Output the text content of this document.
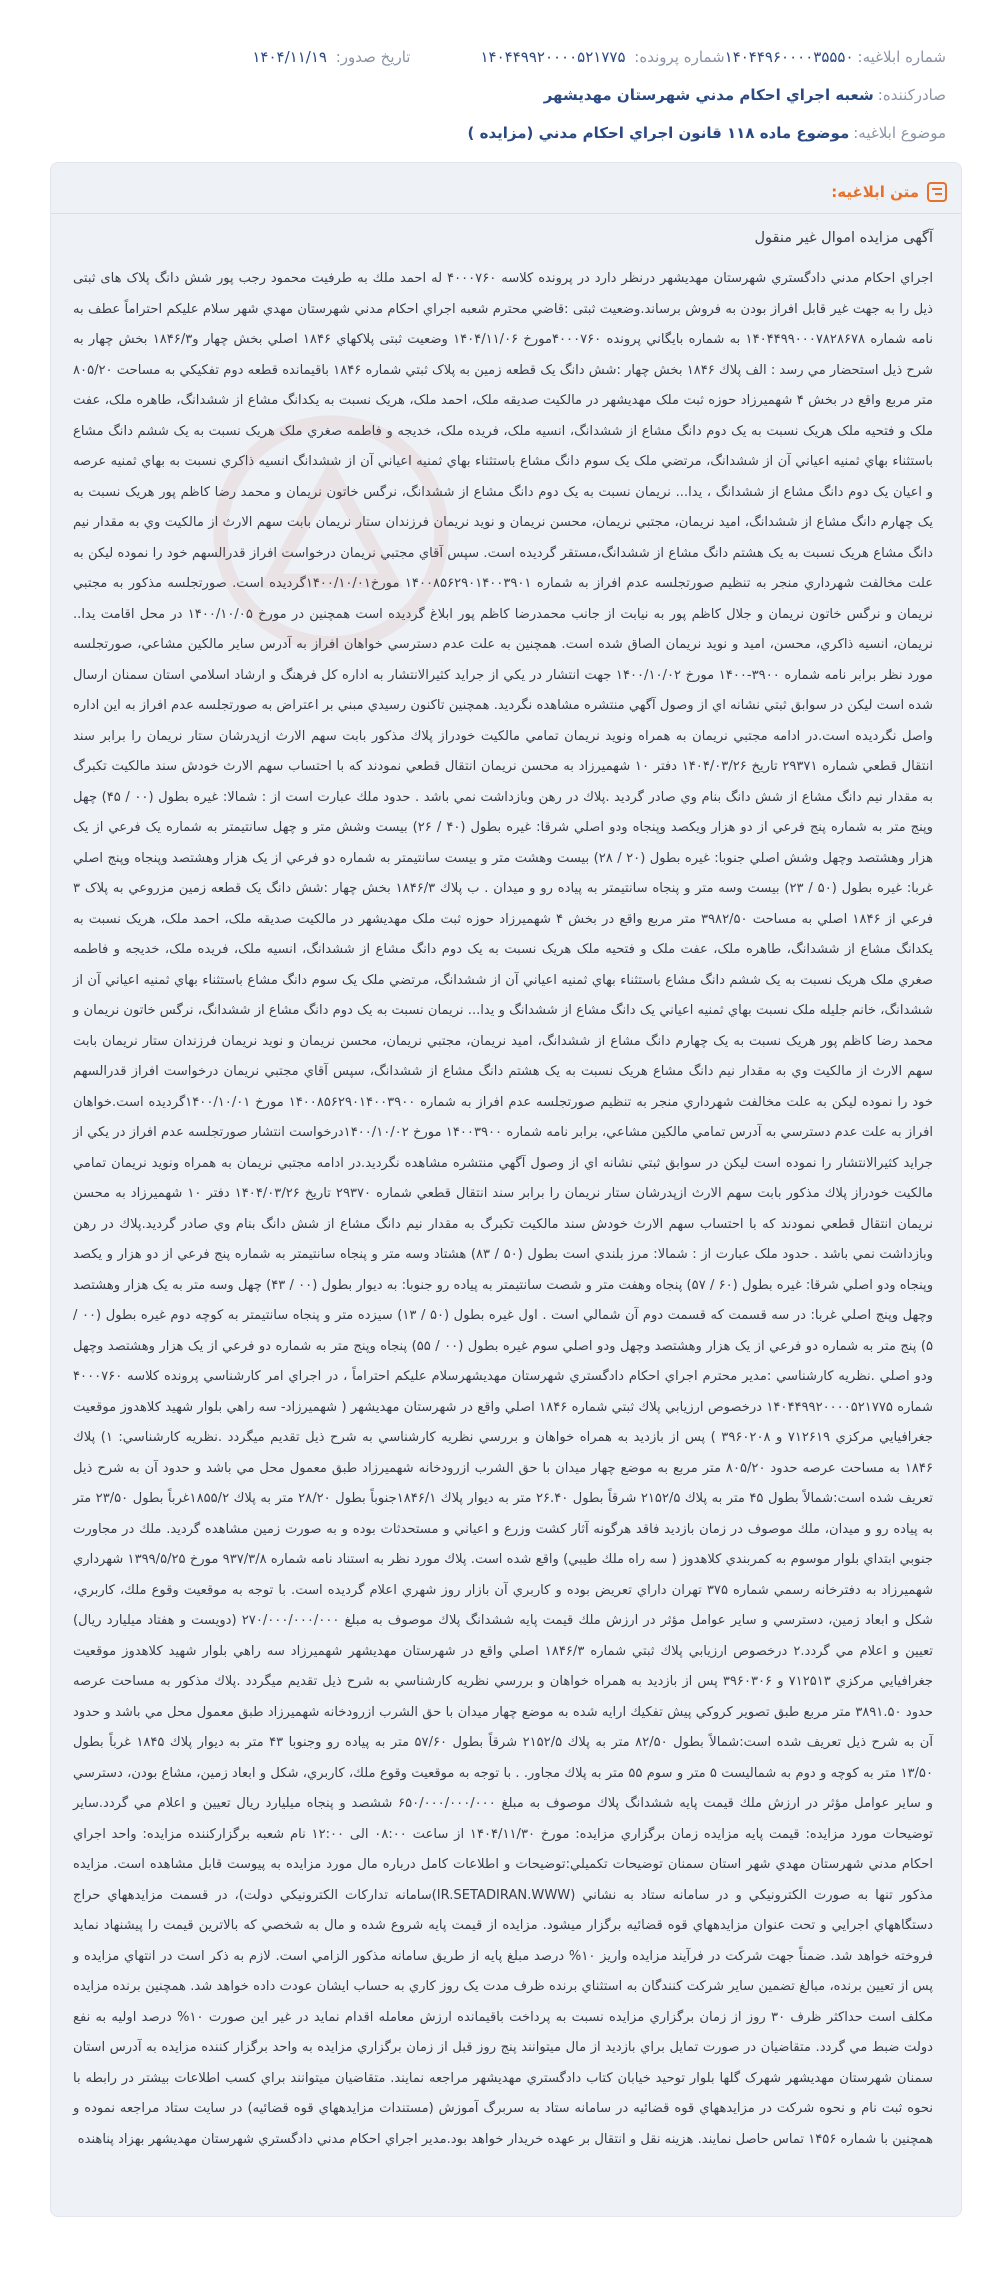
شماره ابلاغیه:
۱۴۰۴۴۹۶۰۰۰۰۳۵۵۵۰
شماره پرونده: ۱۴۰۴۴۹۹۲۰۰۰۰۵۲۱۷۷۵
تاریخ صدور: ۱۴۰۴/۱۱/۱۹
صادرکننده:
شعبه اجراي احكام مدني شهرستان مهديشهر
موضوع ابلاغیه:
موضوع ماده ۱۱۸ قانون اجراي احكام مدني (مزايده )
متن ابلاغیه :

آگهی مزایده اموال غیر منقول

اجراي احكام مدني دادگستري شهرستان مهديشهر درنظر دارد در پرونده كلاسه ۴۰۰۰۷۶۰ له احمد ملك به طرفيت محمود رجب پور شش دانگ پلاک های ثبتی ذیل را به جهت غیر قابل افراز بودن به فروش برساند.وضعیت ثبتی :قاضي محترم شعبه اجراي احكام مدني شهرستان مهدي شهر سلام عليكم احتراماً عطف به نامه شماره ۱۴۰۴۴۹۹۰۰۰۷۸۲۸۶۷۸ به شماره بايگاني پرونده ۴۰۰۰۷۶۰مورخ ۱۴۰۴/۱۱/۰۶ وضعیت ثبتی پلاكهاي ۱۸۴۶ اصلي بخش چهار و۱۸۴۶/۳ بخش چهار به شرح ذيل استحضار مي رسد : الف پلاك ۱۸۴۶ بخش چهار :شش دانگ يک قطعه زمين به پلاک ثبتي شماره ۱۸۴۶ باقيمانده قطعه دوم تفکيکي به مساحت ۸۰۵/۲۰ متر مربع واقع در بخش ۴ شهميرزاد حوزه ثبت ملک مهديشهر در مالکيت صديقه ملک، احمد ملک، هريک نسبت به يکدانگ مشاع از ششدانگ، طاهره ملک، عفت ملک و فتحيه ملک هريک نسبت به يک دوم دانگ مشاع از ششدانگ، انسيه ملک، فريده ملک، خديجه و فاطمه صغري ملک هريک نسبت به يک ششم دانگ مشاع باستثناء بهاي ثمنيه اعياني آن از ششدانگ، مرتضي ملک يک سوم دانگ مشاع باستثناء بهاي ثمنيه اعياني آن از ششدانگ انسيه ذاکري نسبت به بهاي ثمنيه عرصه و اعيان يک دوم دانگ مشاع از ششدانگ ، يدا... نريمان نسبت به يک دوم دانگ مشاع از ششدانگ، نرگس خاتون نريمان و محمد رضا کاظم پور هريک نسبت به يک چهارم دانگ مشاع از ششدانگ، اميد نريمان، مجتبي نريمان، محسن نريمان و نويد نريمان فرزندان ستار نريمان بابت سهم الارث از مالكيت وي به مقدار نيم دانگ مشاع هريک نسبت به يک هشتم دانگ مشاع از ششدانگ،مستقر گرديده است. سپس آقاي مجتبي نريمان درخواست افراز قدرالسهم خود را نموده ليكن به علت مخالفت شهرداري منجر به تنظيم صورتجلسه عدم افراز به شماره ۱۴۰۰۸۵۶۲۹۰۱۴۰۰۳۹۰۱ مورخ۱۴۰۰/۱۰/۰۱گرديده است. صورتجلسه مذكور به مجتبي نريمان و نرگس خاتون نريمان و جلال كاظم پور به نيابت از جانب محمدرضا كاظم پور ابلاغ گرديده است همچنين در مورخ ۱۴۰۰/۱۰/۰۵ در محل اقامت يدا.. نريمان، انسيه ذاكري، محسن، اميد و نويد نريمان الصاق شده است. همچنين به علت عدم دسترسي خواهان افراز به آدرس ساير مالكين مشاعي، صورتجلسه مورد نظر برابر نامه شماره ۳۹۰۰-۱۴۰۰ مورخ ۱۴۰۰/۱۰/۰۲ جهت انتشار در يكي از جرايد كثيرالانتشار به اداره كل فرهنگ و ارشاد اسلامي استان سمنان ارسال شده است ليكن در سوابق ثبتي نشانه اي از وصول آگهي منتشره مشاهده نگرديد. همچنين تاكنون رسيدي مبني بر اعتراض به صورتجلسه عدم افراز به اين اداره واصل نگرديده است.در ادامه مجتبي نريمان به همراه ونويد نريمان تمامي مالكيت خودراز پلاك مذكور بابت سهم الارث ازپدرشان ستار نريمان را برابر سند انتقال قطعي شماره ۲۹۳۷۱ تاريخ ۱۴۰۴/۰۳/۲۶ دفتر ۱۰ شهميرزاد به محسن نريمان انتقال قطعي نمودند كه با احتساب سهم الارث خودش سند مالكيت تكبرگ به مقدار نيم دانگ مشاع از شش دانگ بنام وي صادر گرديد .پلاك در رهن وبازداشت نمي باشد . حدود ملك عبارت است از : شمالا: غيره بطول (۰۰ / ۴۵) چهل وپنج متر به شماره پنج فرعي از دو هزار ويكصد وپنجاه ودو اصلي شرقا: غيره بطول (۴۰ / ۲۶) بيست وشش متر و چهل سانتيمتر به شماره يک فرعي از يک هزار وهشتصد وچهل وشش اصلي جنوبا: غيره بطول (۲۰ / ۲۸) بيست وهشت متر و بيست سانتيمتر به شماره دو فرعي از يک هزار وهشتصد وپنجاه وپنج اصلي غربا: غيره بطول (۵۰ / ۲۳) بيست وسه متر و پنجاه سانتيمتر به پياده رو و ميدان . ب پلاك ۱۸۴۶/۳ بخش چهار :شش دانگ يک قطعه زمين مزروعي به پلاک ۳ فرعي از ۱۸۴۶ اصلي به مساحت ۳۹۸۲/۵۰ متر مربع واقع در بخش ۴ شهميرزاد حوزه ثبت ملک مهديشهر در مالکيت صديقه ملک، احمد ملک، هريک نسبت به يکدانگ مشاع از ششدانگ، طاهره ملک، عفت ملک و فتحيه ملک هريک نسبت به يک دوم دانگ مشاع از ششدانگ، انسيه ملک، فريده ملک، خديجه و فاطمه صغري ملک هريک نسبت به يک ششم دانگ مشاع باستثناء بهاي ثمنيه اعياني آن از ششدانگ، مرتضي ملک يک سوم دانگ مشاع باستثناء بهاي ثمنيه اعياني آن از ششدانگ، خانم جليله ملک نسبت بهاي ثمنيه اعياني يک دانگ مشاع از ششدانگ و يدا... نريمان نسبت به يک دوم دانگ مشاع از ششدانگ، نرگس خاتون نريمان و محمد رضا کاظم پور هريک نسبت به يک چهارم دانگ مشاع از ششدانگ، اميد نريمان، مجتبي نريمان، محسن نريمان و نويد نريمان فرزندان ستار نريمان بابت سهم الارث از مالكيت وي به مقدار نيم دانگ مشاع هريک نسبت به يک هشتم دانگ مشاع از ششدانگ، سپس آقاي مجتبي نريمان درخواست افراز قدرالسهم خود را نموده ليكن به علت مخالفت شهرداري منجر به تنظيم صورتجلسه عدم افراز به شماره ۱۴۰۰۸۵۶۲۹۰۱۴۰۰۳۹۰۰ مورخ ۱۴۰۰/۱۰/۰۱گرديده است.خواهان افراز به علت عدم دسترسي به آدرس تمامي مالكين مشاعي، برابر نامه شماره ۱۴۰۰۳۹۰۰ مورخ ۱۴۰۰/۱۰/۰۲درخواست انتشار صورتجلسه عدم افراز در يكي از جرايد كثيرالانتشار را نموده است ليكن در سوابق ثبتي نشانه اي از وصول آگهي منتشره مشاهده نگرديد.در ادامه مجتبي نريمان به همراه ونويد نريمان تمامي مالكيت خودراز پلاك مذكور بابت سهم الارث ازپدرشان ستار نريمان را برابر سند انتقال قطعي شماره ۲۹۳۷۰ تاريخ ۱۴۰۴/۰۳/۲۶ دفتر ۱۰ شهميرزاد به محسن نريمان انتقال قطعي نمودند كه با احتساب سهم الارث خودش سند مالكيت تكبرگ به مقدار نيم دانگ مشاع از شش دانگ بنام وي صادر گرديد.پلاك در رهن وبازداشت نمي باشد . حدود ملک عبارت از : شمالا: مرز بلندي است بطول (۵۰ / ۸۳) هشتاد وسه متر و پنجاه سانتيمتر به شماره پنج فرعي از دو هزار و يكصد وپنجاه ودو اصلي شرقا: غيره بطول (۶۰ / ۵۷) پنجاه وهفت متر و شصت سانتيمتر به پياده رو جنوبا: به ديوار بطول (۰۰ / ۴۳) چهل وسه متر به يک هزار وهشتصد وچهل وپنج اصلي غربا: در سه قسمت كه قسمت دوم آن شمالي است . اول غيره بطول (۵۰ / ۱۳) سيزده متر و پنجاه سانتيمتر به كوچه دوم غيره بطول (۰۰ / ۵) پنج متر به شماره دو فرعي از يک هزار وهشتصد وچهل ودو اصلي سوم غيره بطول (۰۰ / ۵۵) پنجاه وپنج متر به شماره دو فرعي از يک هزار وهشتصد وچهل ودو اصلي .نظريه كارشناسي :مدير محترم اجراي احكام دادگستري شهرستان مهديشهرسلام عليكم احتراماً ، در اجراي امر كارشناسي پرونده كلاسه ۴۰۰۰۷۶۰ شماره ۱۴۰۴۴۹۹۲۰۰۰۰۵۲۱۷۷۵ درخصوص ارزيابي پلاك ثبتي شماره ۱۸۴۶ اصلي واقع در شهرستان مهديشهر ( شهميرزاد- سه راهي بلوار شهيد كلاهدوز موقعيت جغرافيايي مركزي ۷۱۲۶۱۹ و ۳۹۶۰۲۰۸ ) پس از بازديد به همراه خواهان و بررسي نظريه كارشناسي به شرح ذيل تقديم ميگردد .نظريه كارشناسي: ۱) پلاك ۱۸۴۶ به مساحت عرصه حدود ۸۰۵/۲۰ متر مربع به موضع چهار ميدان با حق الشرب ازرودخانه شهميرزاد طبق معمول محل مي باشد و حدود آن به شرح ذيل تعريف شده است:شمالاً بطول ۴۵ متر به پلاك ۲۱۵۲/۵ شرقاً بطول ۲۶.۴۰ متر به ديوار پلاك ۱۸۴۶/۱جنوباً بطول ۲۸/۲۰ متر به پلاك ۱۸۵۵/۲غرباً بطول ۲۳/۵۰ متر به پياده رو و ميدان، ملك موصوف در زمان بازديد فاقد هرگونه آثار كشت وزرع و اعياني و مستحدثات بوده و به صورت زمين مشاهده گرديد. ملك در مجاورت جنوبي ابتداي بلوار موسوم به كمربندي كلاهدوز ( سه راه ملك طيبي) واقع شده است. پلاك مورد نظر به استناد نامه شماره ۹۳۷/۳/۸ مورخ ۱۳۹۹/۵/۲۵ شهرداري شهميرزاد به دفترخانه رسمي شماره ۳۷۵ تهران داراي تعريض بوده و كاربري آن بازار روز شهري اعلام گرديده است. با توجه به موقعيت وقوع ملك، كاربري، شكل و ابعاد زمين، دسترسي و ساير عوامل مؤثر در ارزش ملك قيمت پايه ششدانگ پلاك موصوف به مبلغ ۲۷۰/۰۰۰/۰۰۰/۰۰۰ (دويست و هفتاد ميليارد ريال) تعيين و اعلام مي گردد.۲ درخصوص ارزيابي پلاك ثبتي شماره ۱۸۴۶/۳ اصلي واقع در شهرستان مهديشهر شهميرزاد سه راهي بلوار شهيد كلاهدوز موقعيت جغرافيايي مركزي ۷۱۲۵۱۳ و ۳۹۶۰۳۰۶ پس از بازديد به همراه خواهان و بررسي نظريه كارشناسي به شرح ذيل تقديم ميگردد .پلاك مذكور به مساحت عرصه حدود ۳۸۹۱.۵۰ متر مربع طبق تصوير كروكي پيش تفكيك ارايه شده به موضع چهار ميدان با حق الشرب ازرودخانه شهميرزاد طبق معمول محل مي باشد و حدود آن به شرح ذيل تعريف شده است:شمالاً بطول ۸۲/۵۰ متر به پلاك ۲۱۵۲/۵ شرقاً بطول ۵۷/۶۰ متر به پياده رو وجنوبا ۴۳ متر به ديوار پلاك ۱۸۴۵ غرباً بطول ۱۳/۵۰ متر به كوچه و دوم به شماليست ۵ متر و سوم ۵۵ متر به پلاك مجاور. . با توجه به موقعيت وقوع ملك، كاربري، شكل و ابعاد زمين، مشاع بودن، دسترسي و ساير عوامل مؤثر در ارزش ملك قيمت پايه ششدانگ پلاك موصوف به مبلغ ۶۵۰/۰۰۰/۰۰۰/۰۰۰ ششصد و پنجاه ميليارد ريال تعيين و اعلام مي گردد.ساير توضيحات مورد مزايده: قيمت پايه مزايده زمان برگزاري مزايده: مورخ ۱۴۰۴/۱۱/۳۰ از ساعت ۰۸:۰۰ الی ۱۲:۰۰ نام شعبه برگزاركننده مزايده: واحد اجراي احكام مدني شهرستان مهدي شهر استان سمنان توضيحات تكميلي:توضيحات و اطلاعات كامل درباره مال مورد مزايده به پيوست قابل مشاهده است. مزايده مذكور تنها به صورت الكترونيكي و در سامانه ستاد به نشاني (IR.SETADIRAN.WWW)سامانه تداركات الكترونيكي دولت)، در قسمت مزايدههاي حراج دستگاههاي اجرايي و تحت عنوان مزايدههاي قوه قضائيه برگزار ميشود. مزايده از قيمت پايه شروع شده و مال به شخصي كه بالاترين قيمت را پيشنهاد نمايد فروخته خواهد شد. ضمناً جهت شركت در فرآيند مزايده واريز ۱۰% درصد مبلغ پايه از طريق سامانه مذكور الزامي است. لازم به ذكر است در انتهاي مزايده و پس از تعيين برنده، مبالغ تضمين ساير شركت كنندگان به استثناي برنده ظرف مدت يک روز كاري به حساب ايشان عودت داده خواهد شد. همچنين برنده مزايده مكلف است حداكثر ظرف ۳۰ روز از زمان برگزاري مزايده نسبت به پرداخت باقيمانده ارزش معامله اقدام نمايد در غير اين صورت ۱۰% درصد اوليه به نفع دولت ضبط مي گردد. متقاضيان در صورت تمايل براي بازديد از مال ميتوانند پنج روز قبل از زمان برگزاري مزايده به واحد برگزار كننده مزايده به آدرس استان سمنان شهرستان مهديشهر شهرک گلها بلوار توحيد خيابان كتاب دادگستري مهديشهر مراجعه نمايند. متقاضيان ميتوانند براي كسب اطلاعات بيشتر در رابطه با نحوه ثبت نام و نحوه شركت در مزايدههاي قوه قضائيه در سامانه ستاد به سربرگ آموزش (مستندات مزايدههاي قوه قضائيه) در سايت ستاد مراجعه نموده و همچنين با شماره ۱۴۵۶ تماس حاصل نمايند. هزينه نقل و انتقال بر عهده خريدار خواهد بود.مدير اجراي احكام مدني دادگستري شهرستان مهديشهر بهزاد پناهنده
